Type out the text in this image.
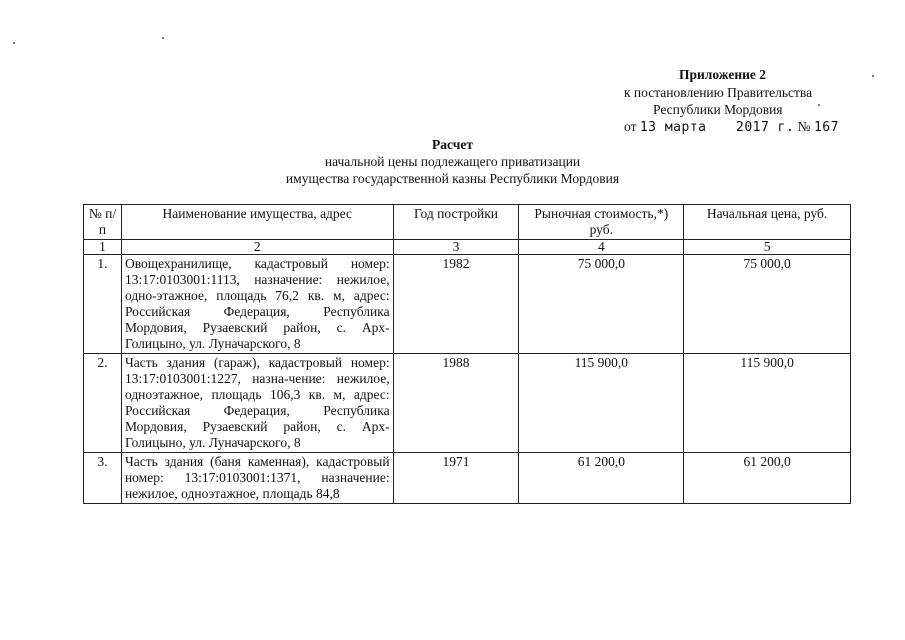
Приложение 2
к постановлению Правительства
Республики Мордовия
от 13 марта 2017 г. № 167
Расчет
начальной цены подлежащего приватизации
имущества государственной казны Республики Мордовия
№ п/п	Наименование имущества, адрес	Год постройки	Рыночная стоимость,*) руб.	Начальная цена, руб.
1	2	3	4	5
1.	Овощехранилище, кадастровый номер: 13:17:0103001:1113, назначение: нежилое, одно-этажное, площадь 76,2 кв. м, адрес: Российская Федерация, Республика Мордовия, Рузаевский район, с. Арх-Голицыно, ул. Луначарского, 8	1982	75 000,0	75 000,0
2.	Часть здания (гараж), кадастровый номер: 13:17:0103001:1227, назна-чение: нежилое, одноэтажное, площадь 106,3 кв. м, адрес: Российская Федерация, Республика Мордовия, Рузаевский район, с. Арх-Голицыно, ул. Луначарского, 8	1988	115 900,0	115 900,0
3.	Часть здания (баня каменная), кадастровый номер: 13:17:0103001:1371, назначение: нежилое, одноэтажное, площадь 84,8	1971	61 200,0	61 200,0
